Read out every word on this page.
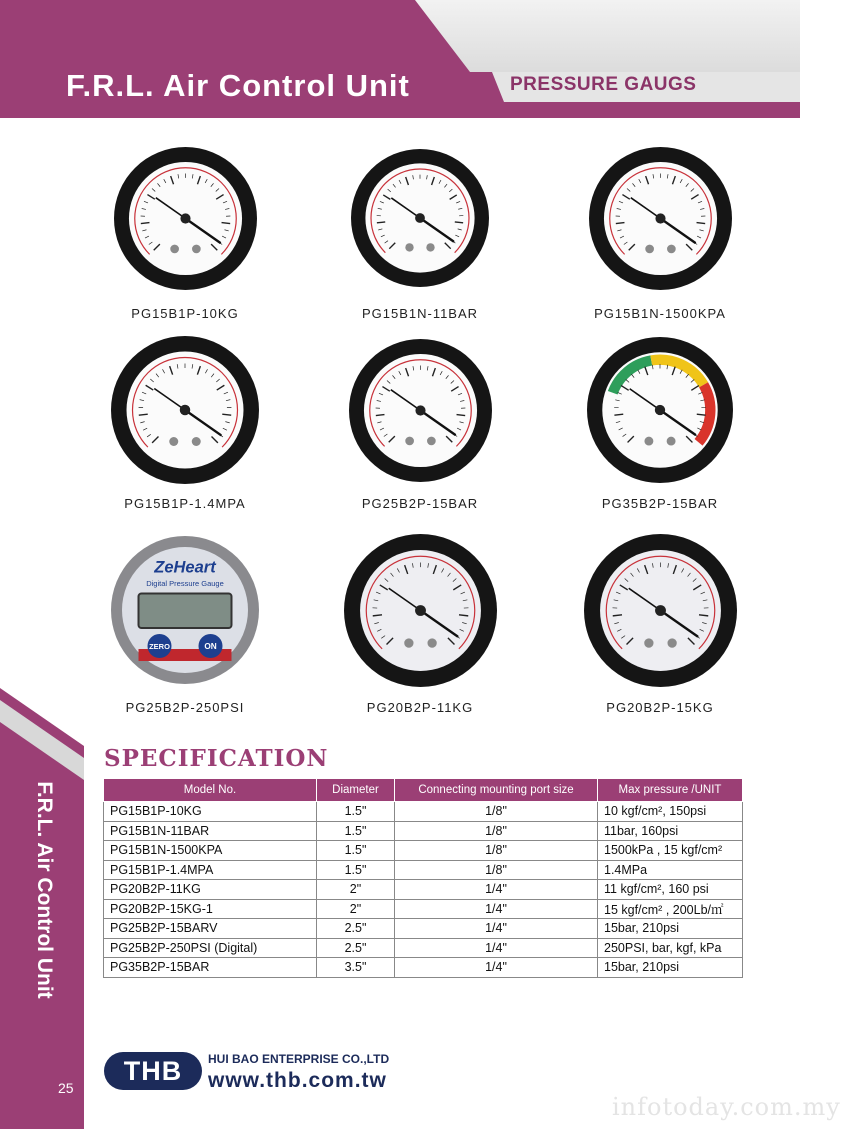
F.R.L. Air Control Unit	PRESSURE GAUGS
F.R.L. Air Control Unit
25
PG15B1P-10KG	PG15B1N-11BAR	PG15B1N-1500KPA
PG15B1P-1.4MPA	PG25B2P-15BAR	PG35B2P-15BAR
ZeHeart
Digital Pressure Gauge
ZERO	ON
PG25B2P-250PSI	PG20B2P-11KG	PG20B2P-15KG
SPECIFICATION
Model No.	Diameter	Connecting mounting port size	Max pressure /UNIT
PG15B1P-10KG	1.5"	1/8"	10 kgf/cm², 150psi
PG15B1N-11BAR	1.5"	1/8"	11bar, 160psi
PG15B1N-1500KPA	1.5"	1/8"	1500kPa , 15 kgf/cm²
PG15B1P-1.4MPA	1.5"	1/8"	1.4MPa
PG20B2P-11KG	2"	1/4"	11 kgf/cm², 160 psi
PG20B2P-15KG-1	2"	1/4"	15 kgf/cm² , 200Lb/㎡
PG25B2P-15BARV	2.5"	1/4"	15bar, 210psi
PG25B2P-250PSI (Digital)	2.5"	1/4"	250PSI, bar, kgf, kPa
PG35B2P-15BAR	3.5"	1/4"	15bar, 210psi
THB	HUI BAO ENTERPRISE CO.,LTD
www.thb.com.tw
infotoday.com.my
